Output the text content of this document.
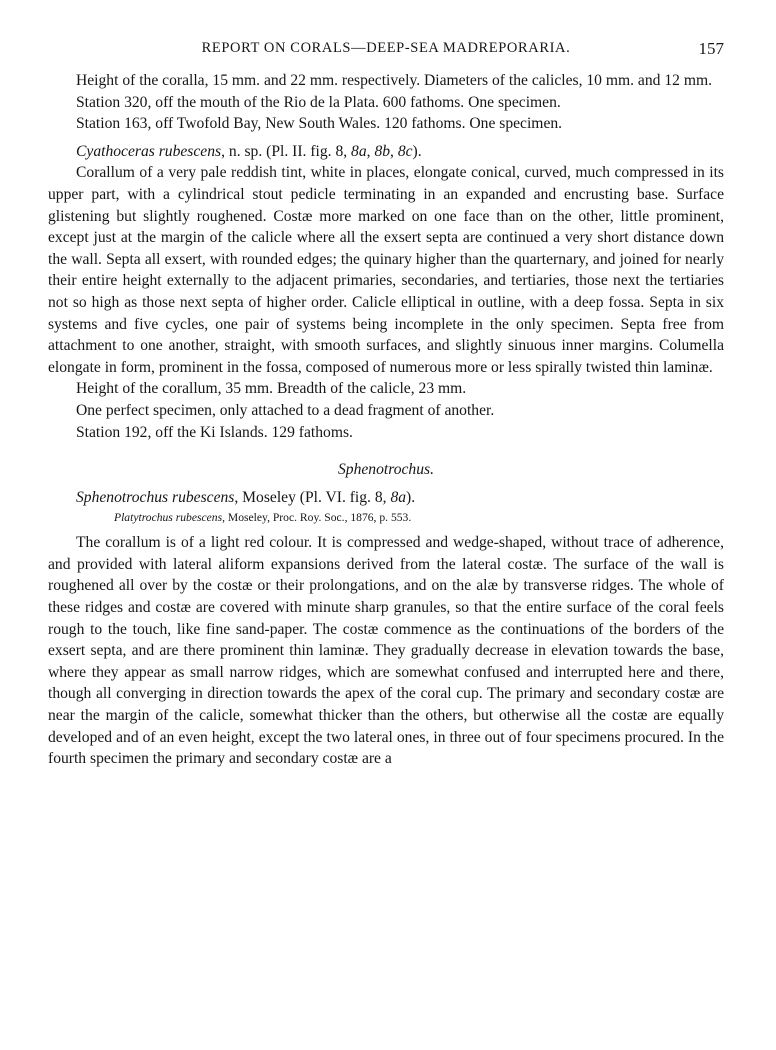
REPORT ON CORALS—DEEP-SEA MADREPORARIA.	157

Height of the coralla, 15 mm. and 22 mm. respectively. Diameters of the calicles, 10 mm. and 12 mm.

Station 320, off the mouth of the Rio de la Plata. 600 fathoms. One specimen.

Station 163, off Twofold Bay, New South Wales. 120 fathoms. One specimen.

Cyathoceras rubescens, n. sp. (Pl. II. fig. 8, 8a, 8b, 8c).

Corallum of a very pale reddish tint, white in places, elongate conical, curved, much compressed in its upper part, with a cylindrical stout pedicle terminating in an expanded and encrusting base. Surface glistening but slightly roughened. Costæ more marked on one face than on the other, little prominent, except just at the margin of the calicle where all the exsert septa are continued a very short distance down the wall. Septa all exsert, with rounded edges; the quinary higher than the quarternary, and joined for nearly their entire height externally to the adjacent primaries, secondaries, and tertiaries, those next the tertiaries not so high as those next septa of higher order. Calicle elliptical in outline, with a deep fossa. Septa in six systems and five cycles, one pair of systems being incomplete in the only specimen. Septa free from attachment to one another, straight, with smooth surfaces, and slightly sinuous inner margins. Columella elongate in form, prominent in the fossa, composed of numerous more or less spirally twisted thin laminæ.

Height of the corallum, 35 mm. Breadth of the calicle, 23 mm.

One perfect specimen, only attached to a dead fragment of another.

Station 192, off the Ki Islands. 129 fathoms.

Sphenotrochus.

Sphenotrochus rubescens, Moseley (Pl. VI. fig. 8, 8a).

Platytrochus rubescens, Moseley, Proc. Roy. Soc., 1876, p. 553.

The corallum is of a light red colour. It is compressed and wedge-shaped, without trace of adherence, and provided with lateral aliform expansions derived from the lateral costæ. The surface of the wall is roughened all over by the costæ or their prolongations, and on the alæ by transverse ridges. The whole of these ridges and costæ are covered with minute sharp granules, so that the entire surface of the coral feels rough to the touch, like fine sand-paper. The costæ commence as the continuations of the borders of the exsert septa, and are there prominent thin laminæ. They gradually decrease in elevation towards the base, where they appear as small narrow ridges, which are somewhat confused and interrupted here and there, though all converging in direction towards the apex of the coral cup. The primary and secondary costæ are near the margin of the calicle, somewhat thicker than the others, but otherwise all the costæ are equally developed and of an even height, except the two lateral ones, in three out of four specimens procured. In the fourth specimen the primary and secondary costæ are a
